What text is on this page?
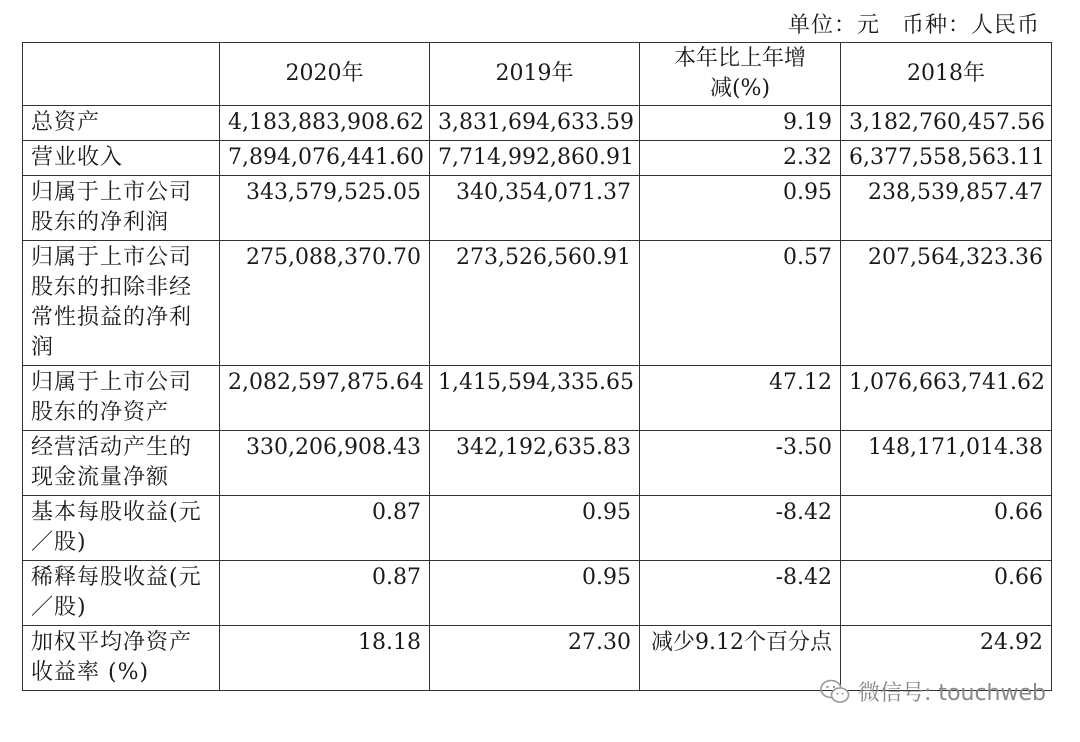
单位：元 币种：人民币
	2020年	2019年	本年比上年增减(%)	2018年
总资产	4,183,883,908.62	3,831,694,633.59	9.19	3,182,760,457.56
营业收入	7,894,076,441.60	7,714,992,860.91	2.32	6,377,558,563.11
归属于上市公司股东的净利润	343,579,525.05	340,354,071.37	0.95	238,539,857.47
归属于上市公司股东的扣除非经常性损益的净利润	275,088,370.70	273,526,560.91	0.57	207,564,323.36
归属于上市公司股东的净资产	2,082,597,875.64	1,415,594,335.65	47.12	1,076,663,741.62
经营活动产生的现金流量净额	330,206,908.43	342,192,635.83	-3.50	148,171,014.38
基本每股收益(元／股)	0.87	0.95	-8.42	0.66
稀释每股收益(元／股)	0.87	0.95	-8.42	0.66
加权平均净资产收益率 (%)	18.18	27.30	减少9.12个百分点	24.92
微信号: touchweb
